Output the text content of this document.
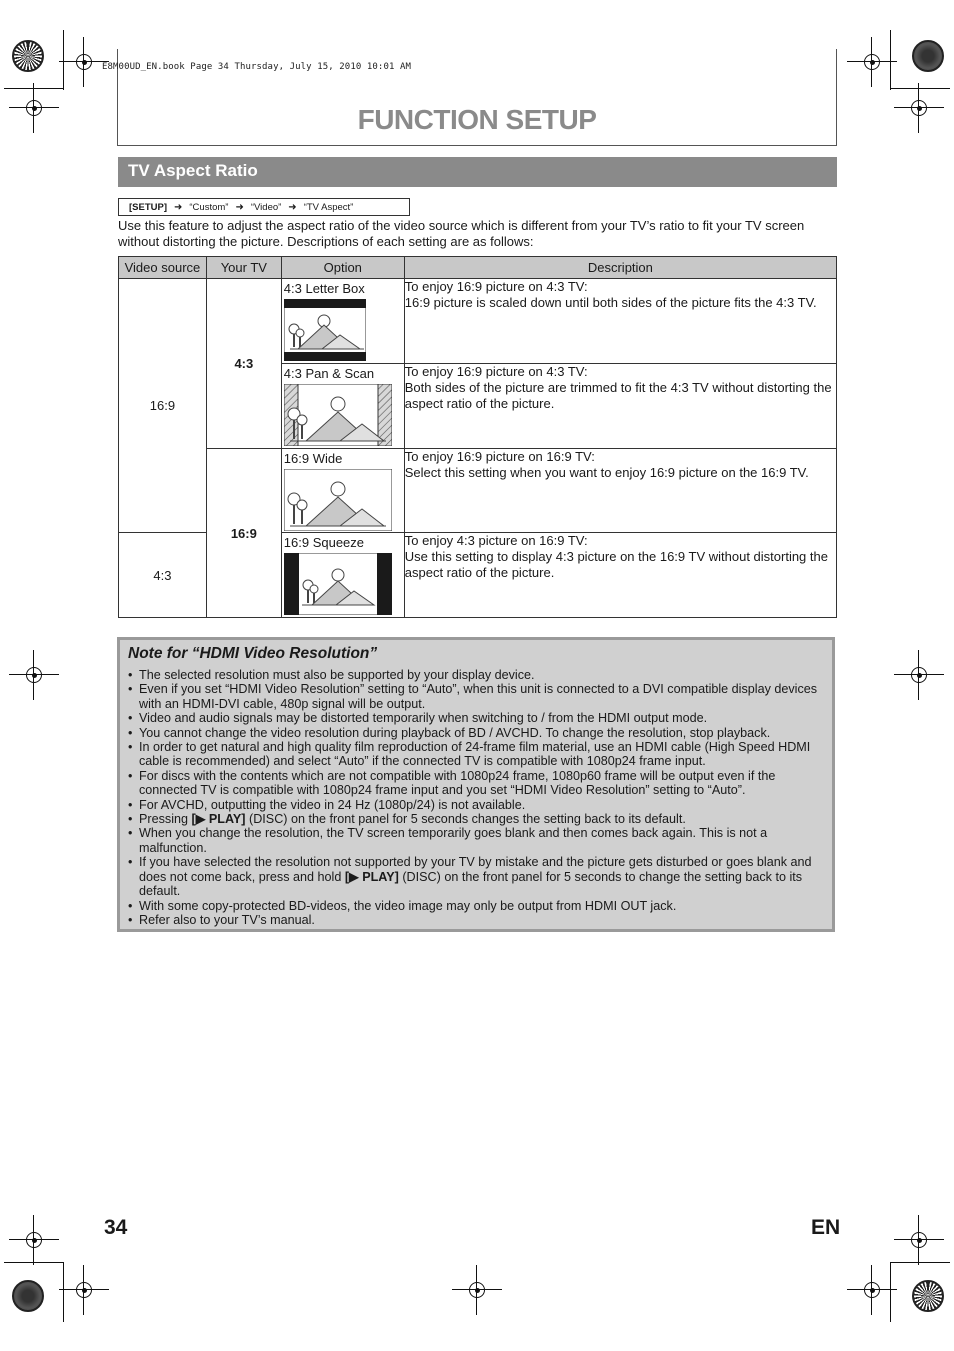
E8M00UD_EN.book Page 34 Thursday, July 15, 2010 10:01 AM
FUNCTION SETUP
TV Aspect Ratio
[SETUP] ➜ “Custom” ➜ “Video” ➜ “TV Aspect”
Use this feature to adjust the aspect ratio of the video source which is different from your TV’s ratio to fit your TV screen without distorting the picture. Descriptions of each setting are as follows:
Video source	Your TV	Option	Description
16:9	4:3	4:3 Letter Box	To enjoy 16:9 picture on 4:3 TV:
16:9 picture is scaled down until both sides of the picture fits the 4:3 TV.

		4:3 Pan & Scan	To enjoy 16:9 picture on 4:3 TV:
Both sides of the picture are trimmed to fit the 4:3 TV without distorting the aspect ratio of the picture.

	16:9	16:9 Wide	To enjoy 16:9 picture on 16:9 TV:
Select this setting when you want to enjoy 16:9 picture on the 16:9 TV.

4:3		16:9 Squeeze	To enjoy 4:3 picture on 16:9 TV:
Use this setting to display 4:3 picture on the 16:9 TV without distorting the aspect ratio of the picture.
Note for “HDMI Video Resolution”
• The selected resolution must also be supported by your display device.
• Even if you set “HDMI Video Resolution” setting to “Auto”, when this unit is connected to a DVI compatible display devices with an HDMI-DVI cable, 480p signal will be output.
• Video and audio signals may be distorted temporarily when switching to / from the HDMI output mode.
• You cannot change the video resolution during playback of BD / AVCHD. To change the resolution, stop playback.
• In order to get natural and high quality film reproduction of 24-frame film material, use an HDMI cable (High Speed HDMI cable is recommended) and select “Auto” if the connected TV is compatible with 1080p24 frame input.
• For discs with the contents which are not compatible with 1080p24 frame, 1080p60 frame will be output even if the connected TV is compatible with 1080p24 frame input and you set “HDMI Video Resolution” setting to “Auto”.
• For AVCHD, outputting the video in 24 Hz (1080p/24) is not available.
• Pressing [▶ PLAY] (DISC) on the front panel for 5 seconds changes the setting back to its default.
• When you change the resolution, the TV screen temporarily goes blank and then comes back again. This is not a malfunction.
• If you have selected the resolution not supported by your TV by mistake and the picture gets disturbed or goes blank and does not come back, press and hold [▶ PLAY] (DISC) on the front panel for 5 seconds to change the setting back to its default.
• With some copy-protected BD-videos, the video image may only be output from HDMI OUT jack.
• Refer also to your TV’s manual.
34	EN
